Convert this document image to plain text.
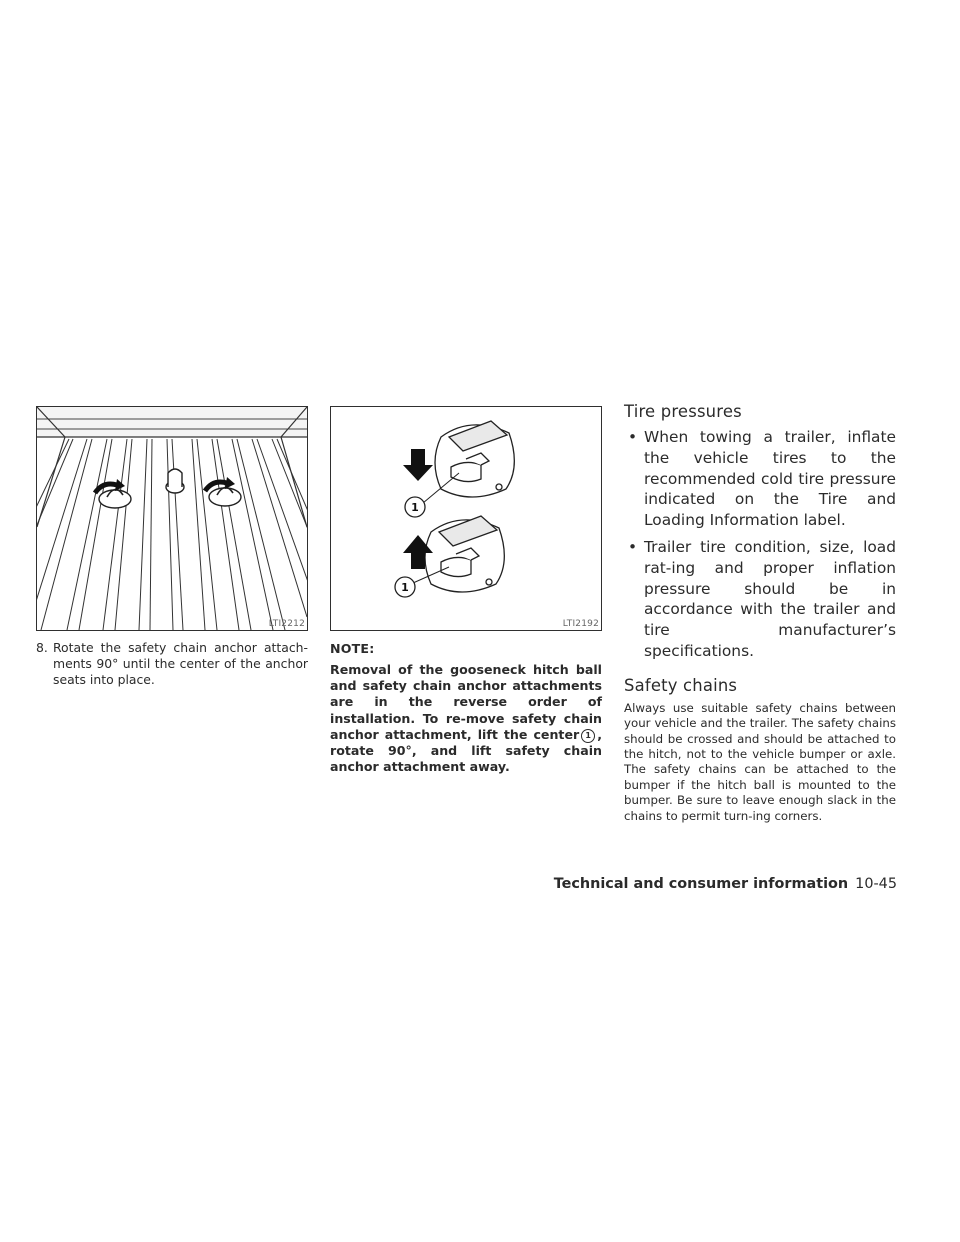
LTI2212

8. Rotate the safety chain anchor attach-ments 90° until the center of the anchor seats into place.

1
1
LTI2192
NOTE:
Removal of the gooseneck hitch ball and safety chain anchor attachments are in the reverse order of installation. To re-move safety chain anchor attachment, lift the center 1 , rotate 90°, and lift safety chain anchor attachment away.
Tire pressures
• When towing a trailer, inflate the vehicle tires to the recommended cold tire pressure indicated on the Tire and Loading Information label.
• Trailer tire condition, size, load rat-ing and proper inflation pressure should be in accordance with the trailer and tire manufacturer’s specifications.
Safety chains
Always use suitable safety chains between your vehicle and the trailer. The safety chains should be crossed and should be attached to the hitch, not to the vehicle bumper or axle. The safety chains can be attached to the bumper if the hitch ball is mounted to the bumper. Be sure to leave enough slack in the chains to permit turn-ing corners.
Technical and consumer information 10-45
